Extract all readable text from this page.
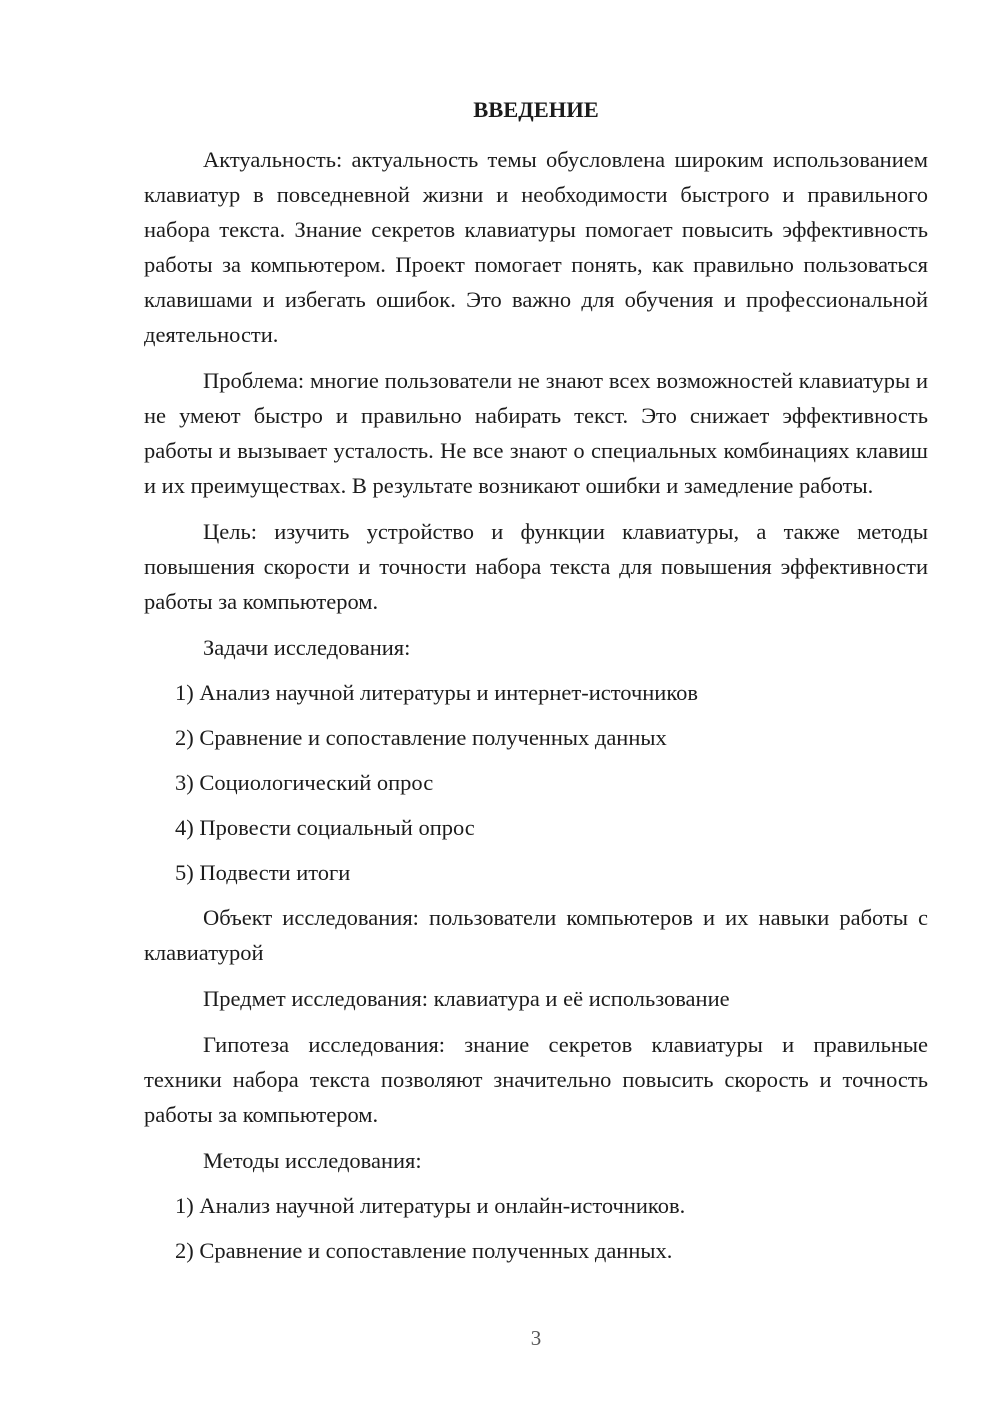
ВВЕДЕНИЕ

Актуальность: актуальность темы обусловлена широким использованием клавиатур в повседневной жизни и необходимости быстрого и правильного набора текста. Знание секретов клавиатуры помогает повысить эффективность работы за компьютером. Проект помогает понять, как правильно пользоваться клавишами и избегать ошибок. Это важно для обучения и профессиональной деятельности.

Проблема: многие пользователи не знают всех возможностей клавиатуры и не умеют быстро и правильно набирать текст. Это снижает эффективность работы и вызывает усталость. Не все знают о специальных комбинациях клавиш и их преимуществах. В результате возникают ошибки и замедление работы.

Цель: изучить устройство и функции клавиатуры, а также методы повышения скорости и точности набора текста для повышения эффективности работы за компьютером.

Задачи исследования:

1) Анализ научной литературы и интернет-источников
2) Сравнение и сопоставление полученных данных
3) Социологический опрос
4) Провести социальный опрос
5) Подвести итоги

Объект исследования: пользователи компьютеров и их навыки работы с клавиатурой

Предмет исследования: клавиатура и её использование

Гипотеза исследования: знание секретов клавиатуры и правильные техники набора текста позволяют значительно повысить скорость и точность работы за компьютером.

Методы исследования:

1) Анализ научной литературы и онлайн-источников.
2) Сравнение и сопоставление полученных данных.
3
